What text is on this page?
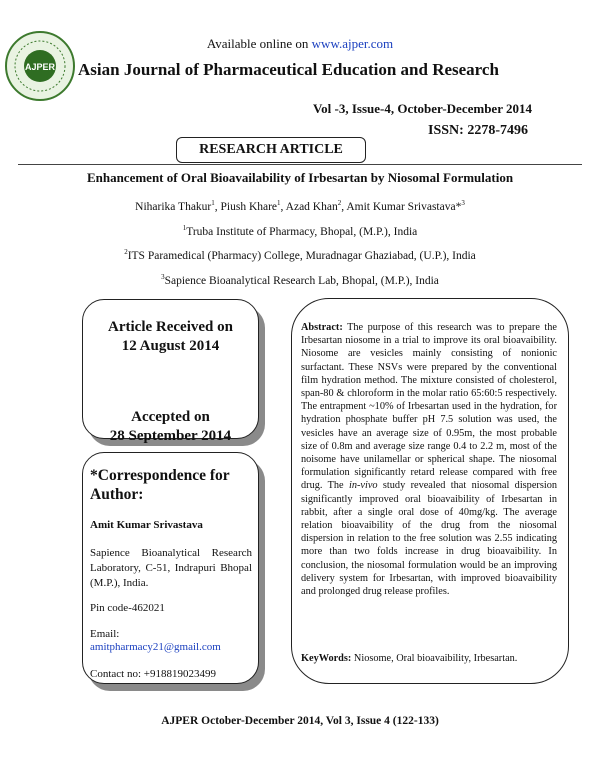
AJPER
Available online on www.ajper.com
Asian Journal of Pharmaceutical Education and Research
Vol -3, Issue-4, October-December 2014
ISSN: 2278-7496
RESEARCH ARTICLE
Enhancement of Oral Bioavailability of Irbesartan by Niosomal Formulation
Niharika Thakur$^1$, Piush Khare$^1$, Azad Khan$^2$, Amit Kumar Srivastava*$^3$
$^1$Truba Institute of Pharmacy, Bhopal, (M.P.), India
$^2$ITS Paramedical (Pharmacy) College, Muradnagar Ghaziabad, (U.P.), India
$^3$Sapience Bioanalytical Research Lab, Bhopal, (M.P.), India
Article Received on
12 August 2014
Accepted on
28 September 2014
*Correspondence for Author:
Amit Kumar Srivastava
Sapience Bioanalytical Research Laboratory, C-51, Indrapuri Bhopal (M.P.), India.
Pin code-462021
Email:
amitpharmacy21@gmail.com
Contact no: +918819023499
Abstract: The purpose of this research was to prepare the Irbesartan niosome in a trial to improve its oral bioavaibility. Niosome are vesicles mainly consisting of nonionic surfactant. These NSVs were prepared by the conventional film hydration method. The mixture consisted of cholesterol, span-80 & chloroform in the molar ratio 65:60:5 respectively. The entrapment ~10% of Irbesartan used in the hydration, for hydration phosphate buffer pH 7.5 solution was used, the vesicles have an average size of 0.95m, the most probable size of 0.8m and average size range 0.4 to 2.2 m, most of the noisome have unilamellar or spherical shape. The niosomal formulation significantly retard release compared with free drug. The in-vivo study revealed that niosomal dispersion significantly improved oral bioavaibility of Irbesartan in rabbit, after a single oral dose of 40mg/kg. The average relation bioavaibility of the drug from the niosomal dispersion in relation to the free solution was 2.55 indicating more than two folds increase in drug bioavaibility. In conclusion, the niosomal formulation would be an improving delivery system for Irbesartan, with improved bioavaibility and prolonged drug release profiles.
KeyWords: Niosome, Oral bioavaibility, Irbesartan.
AJPER October-December 2014, Vol 3, Issue 4 (122-133)
